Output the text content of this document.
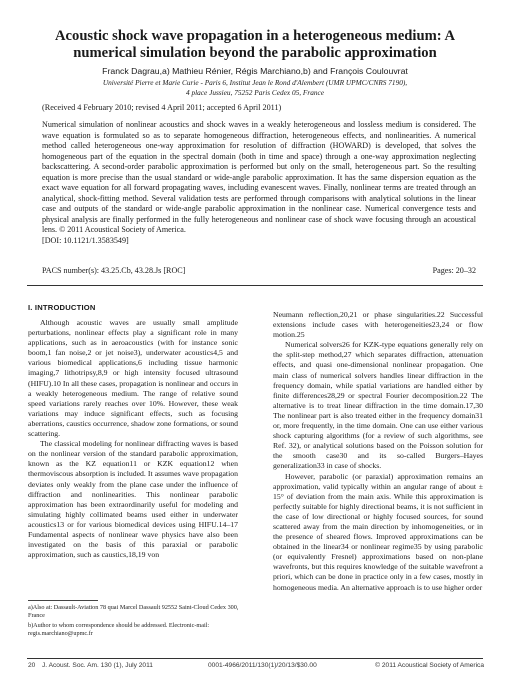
Acoustic shock wave propagation in a heterogeneous medium: A numerical simulation beyond the parabolic approximation
Franck Dagrau,a) Mathieu Rénier, Régis Marchiano,b) and François Coulouvrat
Université Pierre et Marie Curie - Paris 6, Institut Jean le Rond d'Alembert (UMR UPMC/CNRS 7190),
4 place Jussieu, 75252 Paris Cedex 05, France
(Received 4 February 2010; revised 4 April 2011; accepted 6 April 2011)

Numerical simulation of nonlinear acoustics and shock waves in a weakly heterogeneous and lossless medium is considered. The wave equation is formulated so as to separate homogeneous diffraction, heterogeneous effects, and nonlinearities. A numerical method called heterogeneous one-way approximation for resolution of diffraction (HOWARD) is developed, that solves the homogeneous part of the equation in the spectral domain (both in time and space) through a one-way approximation neglecting backscattering. A second-order parabolic approximation is performed but only on the small, heterogeneous part. So the resulting equation is more precise than the usual standard or wide-angle parabolic approximation. It has the same dispersion equation as the exact wave equation for all forward propagating waves, including evanescent waves. Finally, nonlinear terms are treated through an analytical, shock-fitting method. Several validation tests are performed through comparisons with analytical solutions in the linear case and outputs of the standard or wide-angle parabolic approximation in the nonlinear case. Numerical convergence tests and physical analysis are finally performed in the fully heterogeneous and nonlinear case of shock wave focusing through an acoustical lens. © 2011 Acoustical Society of America.
[DOI: 10.1121/1.3583549]

PACS number(s): 43.25.Cb, 43.28.Js [ROC]	Pages: 20–32
I. INTRODUCTION

Although acoustic waves are usually small amplitude perturbations, nonlinear effects play a significant role in many applications, such as in aeroacoustics (with for instance sonic boom,1 fan noise,2 or jet noise3), underwater acoustics4,5 and various biomedical applications,6 including tissue harmonic imaging,7 lithotripsy,8,9 or high intensity focused ultrasound (HIFU).10 In all these cases, propagation is nonlinear and occurs in a weakly heterogeneous medium. The range of relative sound speed variations rarely reaches over 10%. However, these weak variations may induce significant effects, such as focusing aberrations, caustics occurrence, shadow zone formations, or sound scattering.

The classical modeling for nonlinear diffracting waves is based on the nonlinear version of the standard parabolic approximation, known as the KZ equation11 or KZK equation12 when thermoviscous absorption is included. It assumes wave propagation deviates only weakly from the plane case under the influence of diffraction and nonlinearities. This nonlinear parabolic approximation has been extraordinarily useful for modeling and simulating highly collimated beams used either in underwater acoustics13 or for various biomedical devices using HIFU.14–17 Fundamental aspects of nonlinear wave physics have also been investigated on the basis of this paraxial or parabolic approximation, such as caustics,18,19 von

Neumann reflection,20,21 or phase singularities.22 Successful extensions include cases with heterogeneities23,24 or flow motion.25

Numerical solvers26 for KZK-type equations generally rely on the split-step method,27 which separates diffraction, attenuation effects, and quasi one-dimensional nonlinear propagation. One main class of numerical solvers handles linear diffraction in the frequency domain, while spatial variations are handled either by finite differences28,29 or spectral Fourier decomposition.22 The alternative is to treat linear diffraction in the time domain.17,30 The nonlinear part is also treated either in the frequency domain31 or, more frequently, in the time domain. One can use either various shock capturing algorithms (for a review of such algorithms, see Ref. 32), or analytical solutions based on the Poisson solution for the smooth case30 and its so-called Burgers–Hayes generalization33 in case of shocks.

However, parabolic (or paraxial) approximation remains an approximation, valid typically within an angular range of about ± 15° of deviation from the main axis. While this approximation is perfectly suitable for highly directional beams, it is not sufficient in the case of low directional or highly focused sources, for sound scattered away from the main direction by inhomogeneities, or in the presence of sheared flows. Improved approximations can be obtained in the linear34 or nonlinear regime35 by using parabolic (or equivalently Fresnel) approximations based on non-plane wavefronts, but this requires knowledge of the suitable wavefront a priori, which can be done in practice only in a few cases, mostly in homogeneous media. An alternative approach is to use higher order

a)Also at: Dassault-Aviation 78 quai Marcel Dassault 92552 Saint-Cloud Cedex 300, France

b)Author to whom correspondence should be addressed. Electronic-mail: regis.marchiano@upmc.fr

20 J. Acoust. Soc. Am. 130 (1), July 2011	0001-4966/2011/130(1)/20/13/$30.00	© 2011 Acoustical Society of America
